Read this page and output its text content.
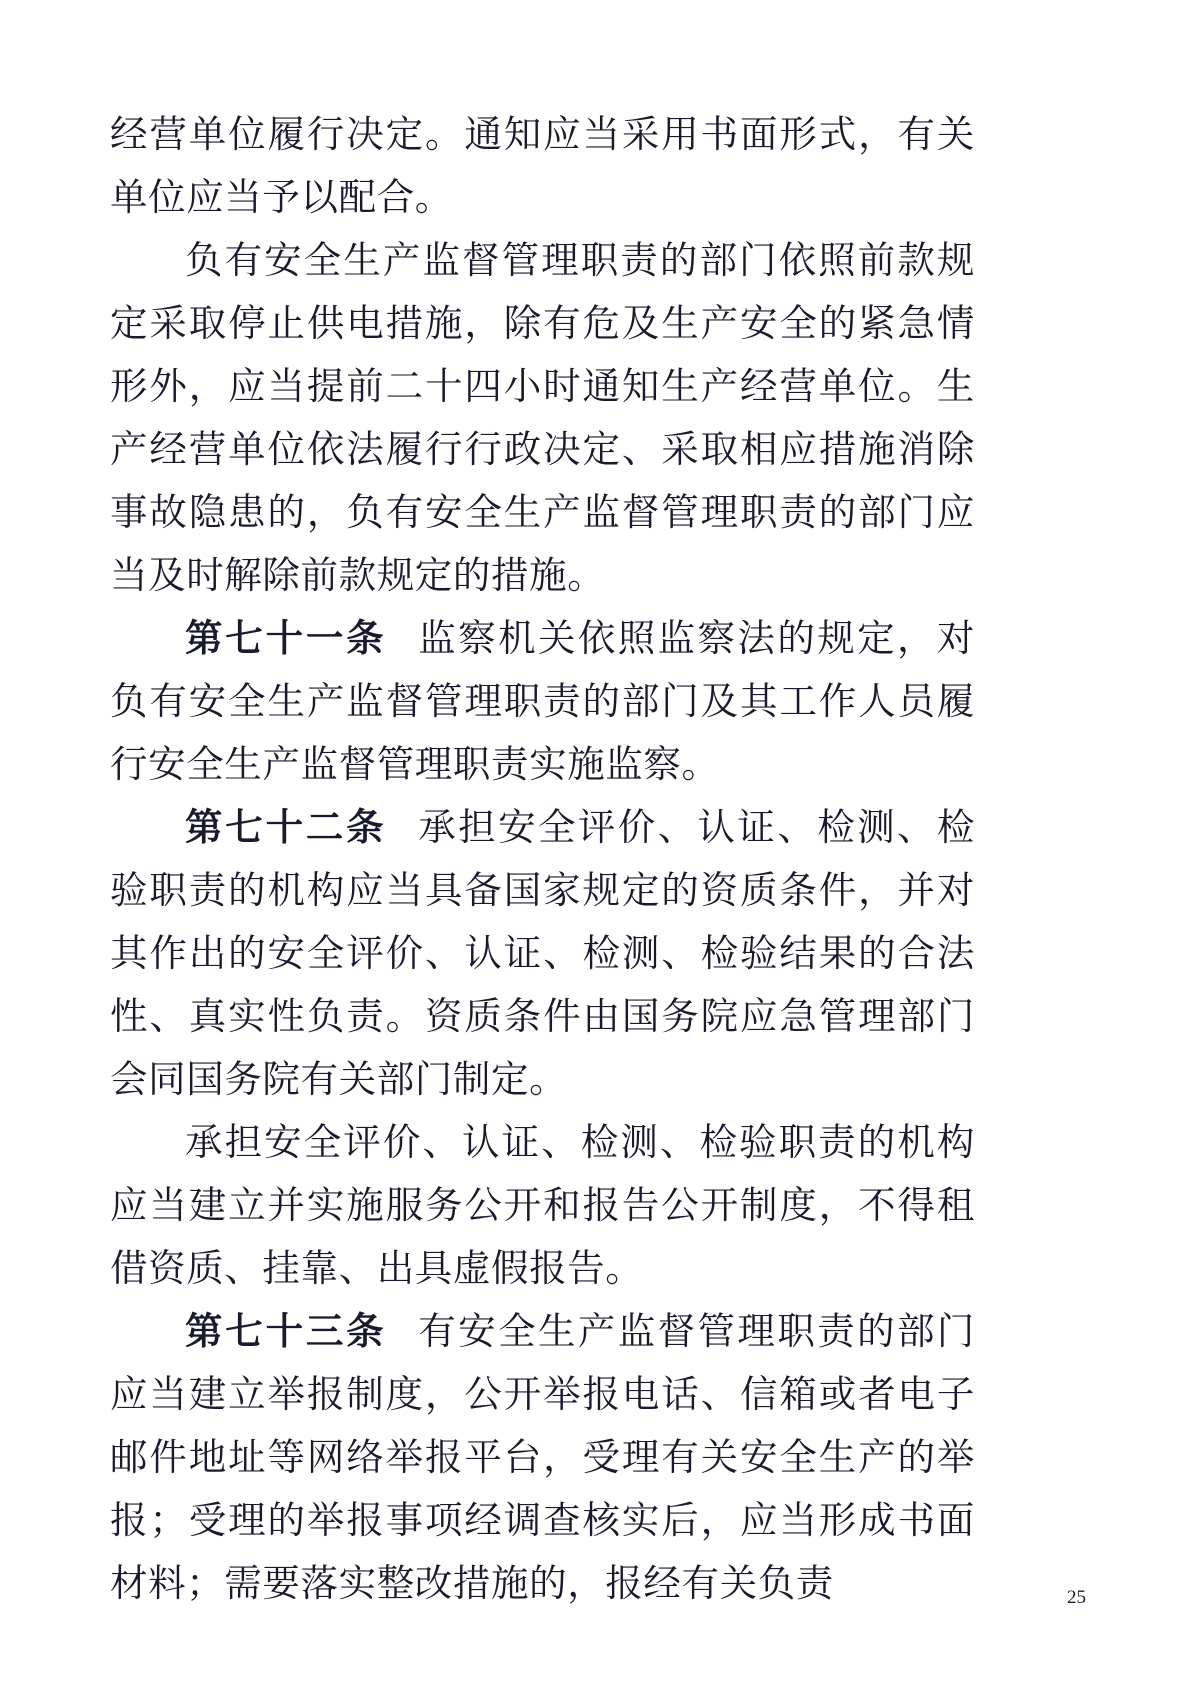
经营单位履行决定。通知应当采用书面形式，有关单位应当予以配合。

负有安全生产监督管理职责的部门依照前款规定采取停止供电措施，除有危及生产安全的紧急情形外，应当提前二十四小时通知生产经营单位。生产经营单位依法履行行政决定、采取相应措施消除事故隐患的，负有安全生产监督管理职责的部门应当及时解除前款规定的措施。

第七十一条 监察机关依照监察法的规定，对负有安全生产监督管理职责的部门及其工作人员履行安全生产监督管理职责实施监察。

第七十二条 承担安全评价、认证、检测、检验职责的机构应当具备国家规定的资质条件，并对其作出的安全评价、认证、检测、检验结果的合法性、真实性负责。资质条件由国务院应急管理部门会同国务院有关部门制定。

承担安全评价、认证、检测、检验职责的机构应当建立并实施服务公开和报告公开制度，不得租借资质、挂靠、出具虚假报告。

第七十三条 有安全生产监督管理职责的部门应当建立举报制度，公开举报电话、信箱或者电子邮件地址等网络举报平台，受理有关安全生产的举报；受理的举报事项经调查核实后，应当形成书面材料；需要落实整改措施的，报经有关负责	25
